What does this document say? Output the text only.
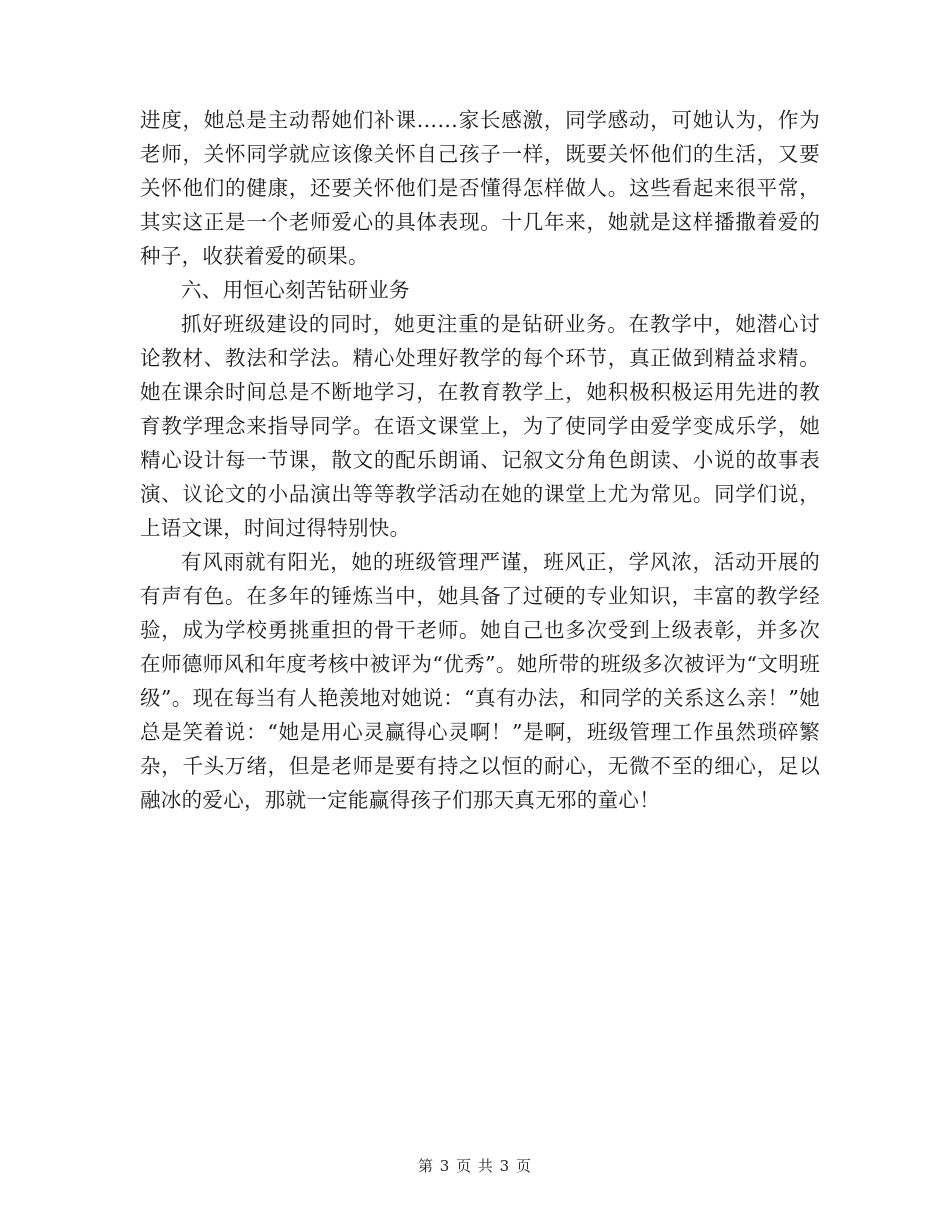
进度，她总是主动帮她们补课……家长感激，同学感动，可她认为，作为老师，关怀同学就应该像关怀自己孩子一样，既要关怀他们的生活，又要关怀他们的健康，还要关怀他们是否懂得怎样做人。这些看起来很平常，其实这正是一个老师爱心的具体表现。十几年来，她就是这样播撒着爱的种子，收获着爱的硕果。

六、用恒心刻苦钻研业务

抓好班级建设的同时，她更注重的是钻研业务。在教学中，她潜心讨论教材、教法和学法。精心处理好教学的每个环节，真正做到精益求精。她在课余时间总是不断地学习，在教育教学上，她积极积极运用先进的教育教学理念来指导同学。在语文课堂上，为了使同学由爱学变成乐学，她精心设计每一节课，散文的配乐朗诵、记叙文分角色朗读、小说的故事表演、议论文的小品演出等等教学活动在她的课堂上尤为常见。同学们说，上语文课，时间过得特别快。

有风雨就有阳光，她的班级管理严谨，班风正，学风浓，活动开展的有声有色。在多年的锤炼当中，她具备了过硬的专业知识，丰富的教学经验，成为学校勇挑重担的骨干老师。她自己也多次受到上级表彰，并多次在师德师风和年度考核中被评为“优秀”。她所带的班级多次被评为“文明班级”。现在每当有人艳羡地对她说：“真有办法，和同学的关系这么亲！”她总是笑着说：“她是用心灵赢得心灵啊！”是啊，班级管理工作虽然琐碎繁杂，千头万绪，但是老师是要有持之以恒的耐心，无微不至的细心，足以融冰的爱心，那就一定能赢得孩子们那天真无邪的童心！

第 3 页 共 3 页
